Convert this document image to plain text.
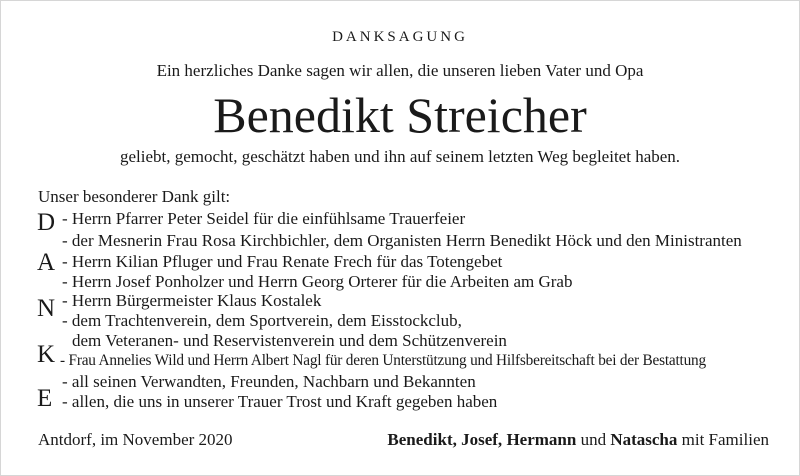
DANKSAGUNG
Ein herzliches Danke sagen wir allen, die unseren lieben Vater und Opa
Benedikt Streicher
geliebt, gemocht, geschätzt haben und ihn auf seinem letzten Weg begleitet haben.
Unser besonderer Dank gilt:
D
A
N
K
E
- Herrn Pfarrer Peter Seidel für die einfühlsame Trauerfeier
- der Mesnerin Frau Rosa Kirchbichler, dem Organisten Herrn Benedikt Höck und den Ministranten
- Herrn Kilian Pfluger und Frau Renate Frech für das Totengebet
- Herrn Josef Ponholzer und Herrn Georg Orterer für die Arbeiten am Grab
- Herrn Bürgermeister Klaus Kostalek
- dem Trachtenverein, dem Sportverein, dem Eisstockclub,
dem Veteranen- und Reservistenverein und dem Schützenverein
- Frau Annelies Wild und Herrn Albert Nagl für deren Unterstützung und Hilfsbereitschaft bei der Bestattung
- all seinen Verwandten, Freunden, Nachbarn und Bekannten
- allen, die uns in unserer Trauer Trost und Kraft gegeben haben
Antdorf, im November 2020	Benedikt, Josef, Hermann und Natascha mit Familien
